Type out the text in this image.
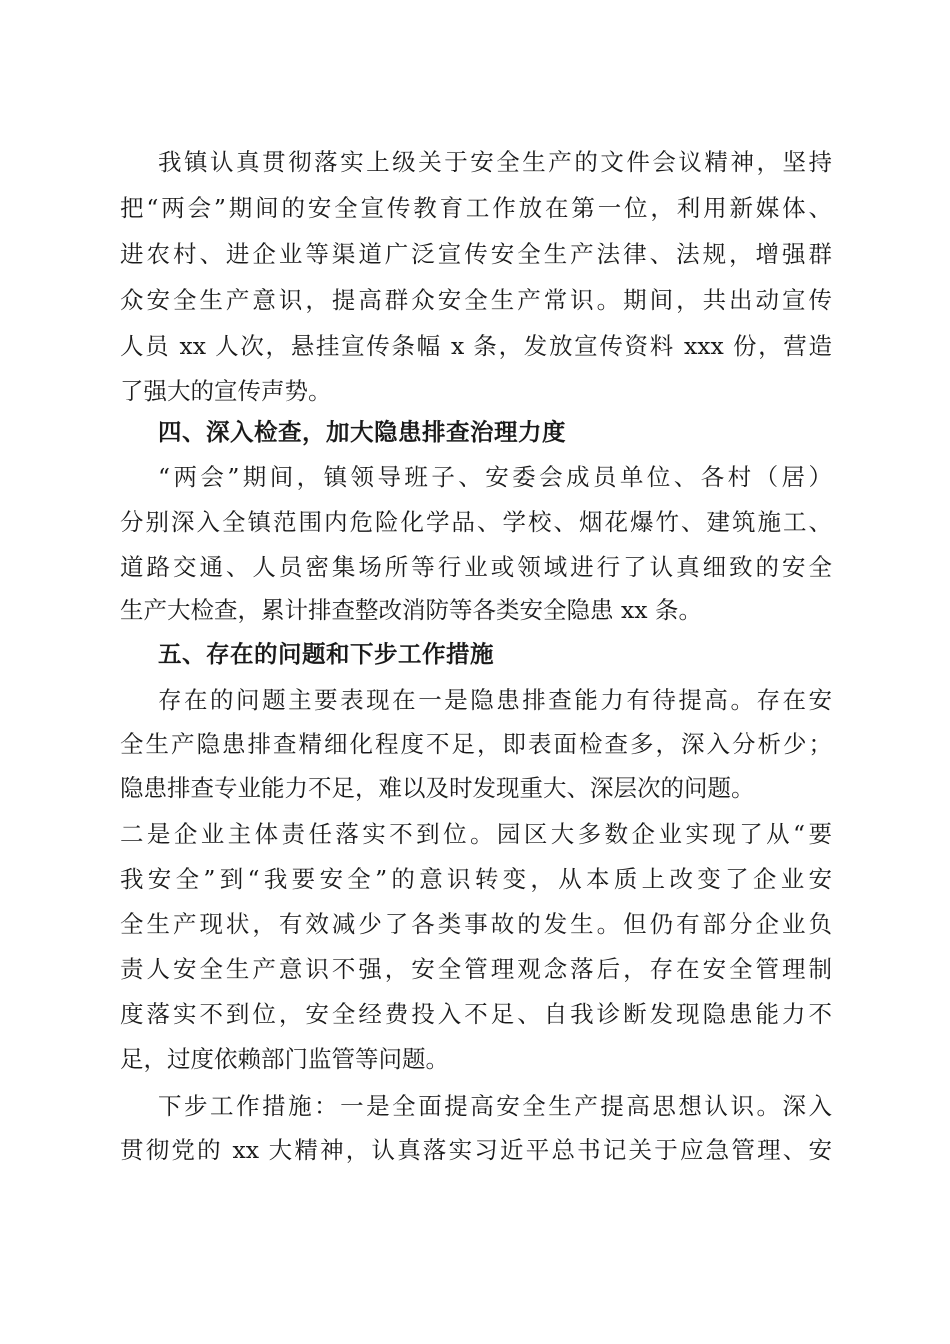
我镇认真贯彻落实上级关于安全生产的文件会议精神，坚持
把“两会”期间的安全宣传教育工作放在第一位，利用新媒体、
进农村、进企业等渠道广泛宣传安全生产法律、法规，增强群
众安全生产意识，提高群众安全生产常识。期间，共出动宣传
人员 xx 人次，悬挂宣传条幅 x 条，发放宣传资料 xxx 份，营造
了强大的宣传声势。
四、深入检查，加大隐患排查治理力度
“两会”期间，镇领导班子、安委会成员单位、各村（居）
分别深入全镇范围内危险化学品、学校、烟花爆竹、建筑施工、
道路交通、人员密集场所等行业或领域进行了认真细致的安全
生产大检查，累计排查整改消防等各类安全隐患 xx 条。
五、存在的问题和下步工作措施
存在的问题主要表现在一是隐患排查能力有待提高。存在安
全生产隐患排查精细化程度不足，即表面检查多，深入分析少；
隐患排查专业能力不足，难以及时发现重大、深层次的问题。
二是企业主体责任落实不到位。园区大多数企业实现了从“要
我安全”到“我要安全”的意识转变，从本质上改变了企业安
全生产现状，有效减少了各类事故的发生。但仍有部分企业负
责人安全生产意识不强，安全管理观念落后，存在安全管理制
度落实不到位，安全经费投入不足、自我诊断发现隐患能力不
足，过度依赖部门监管等问题。
下步工作措施：一是全面提高安全生产提高思想认识。深入
贯彻党的 xx 大精神，认真落实习近平总书记关于应急管理、安
